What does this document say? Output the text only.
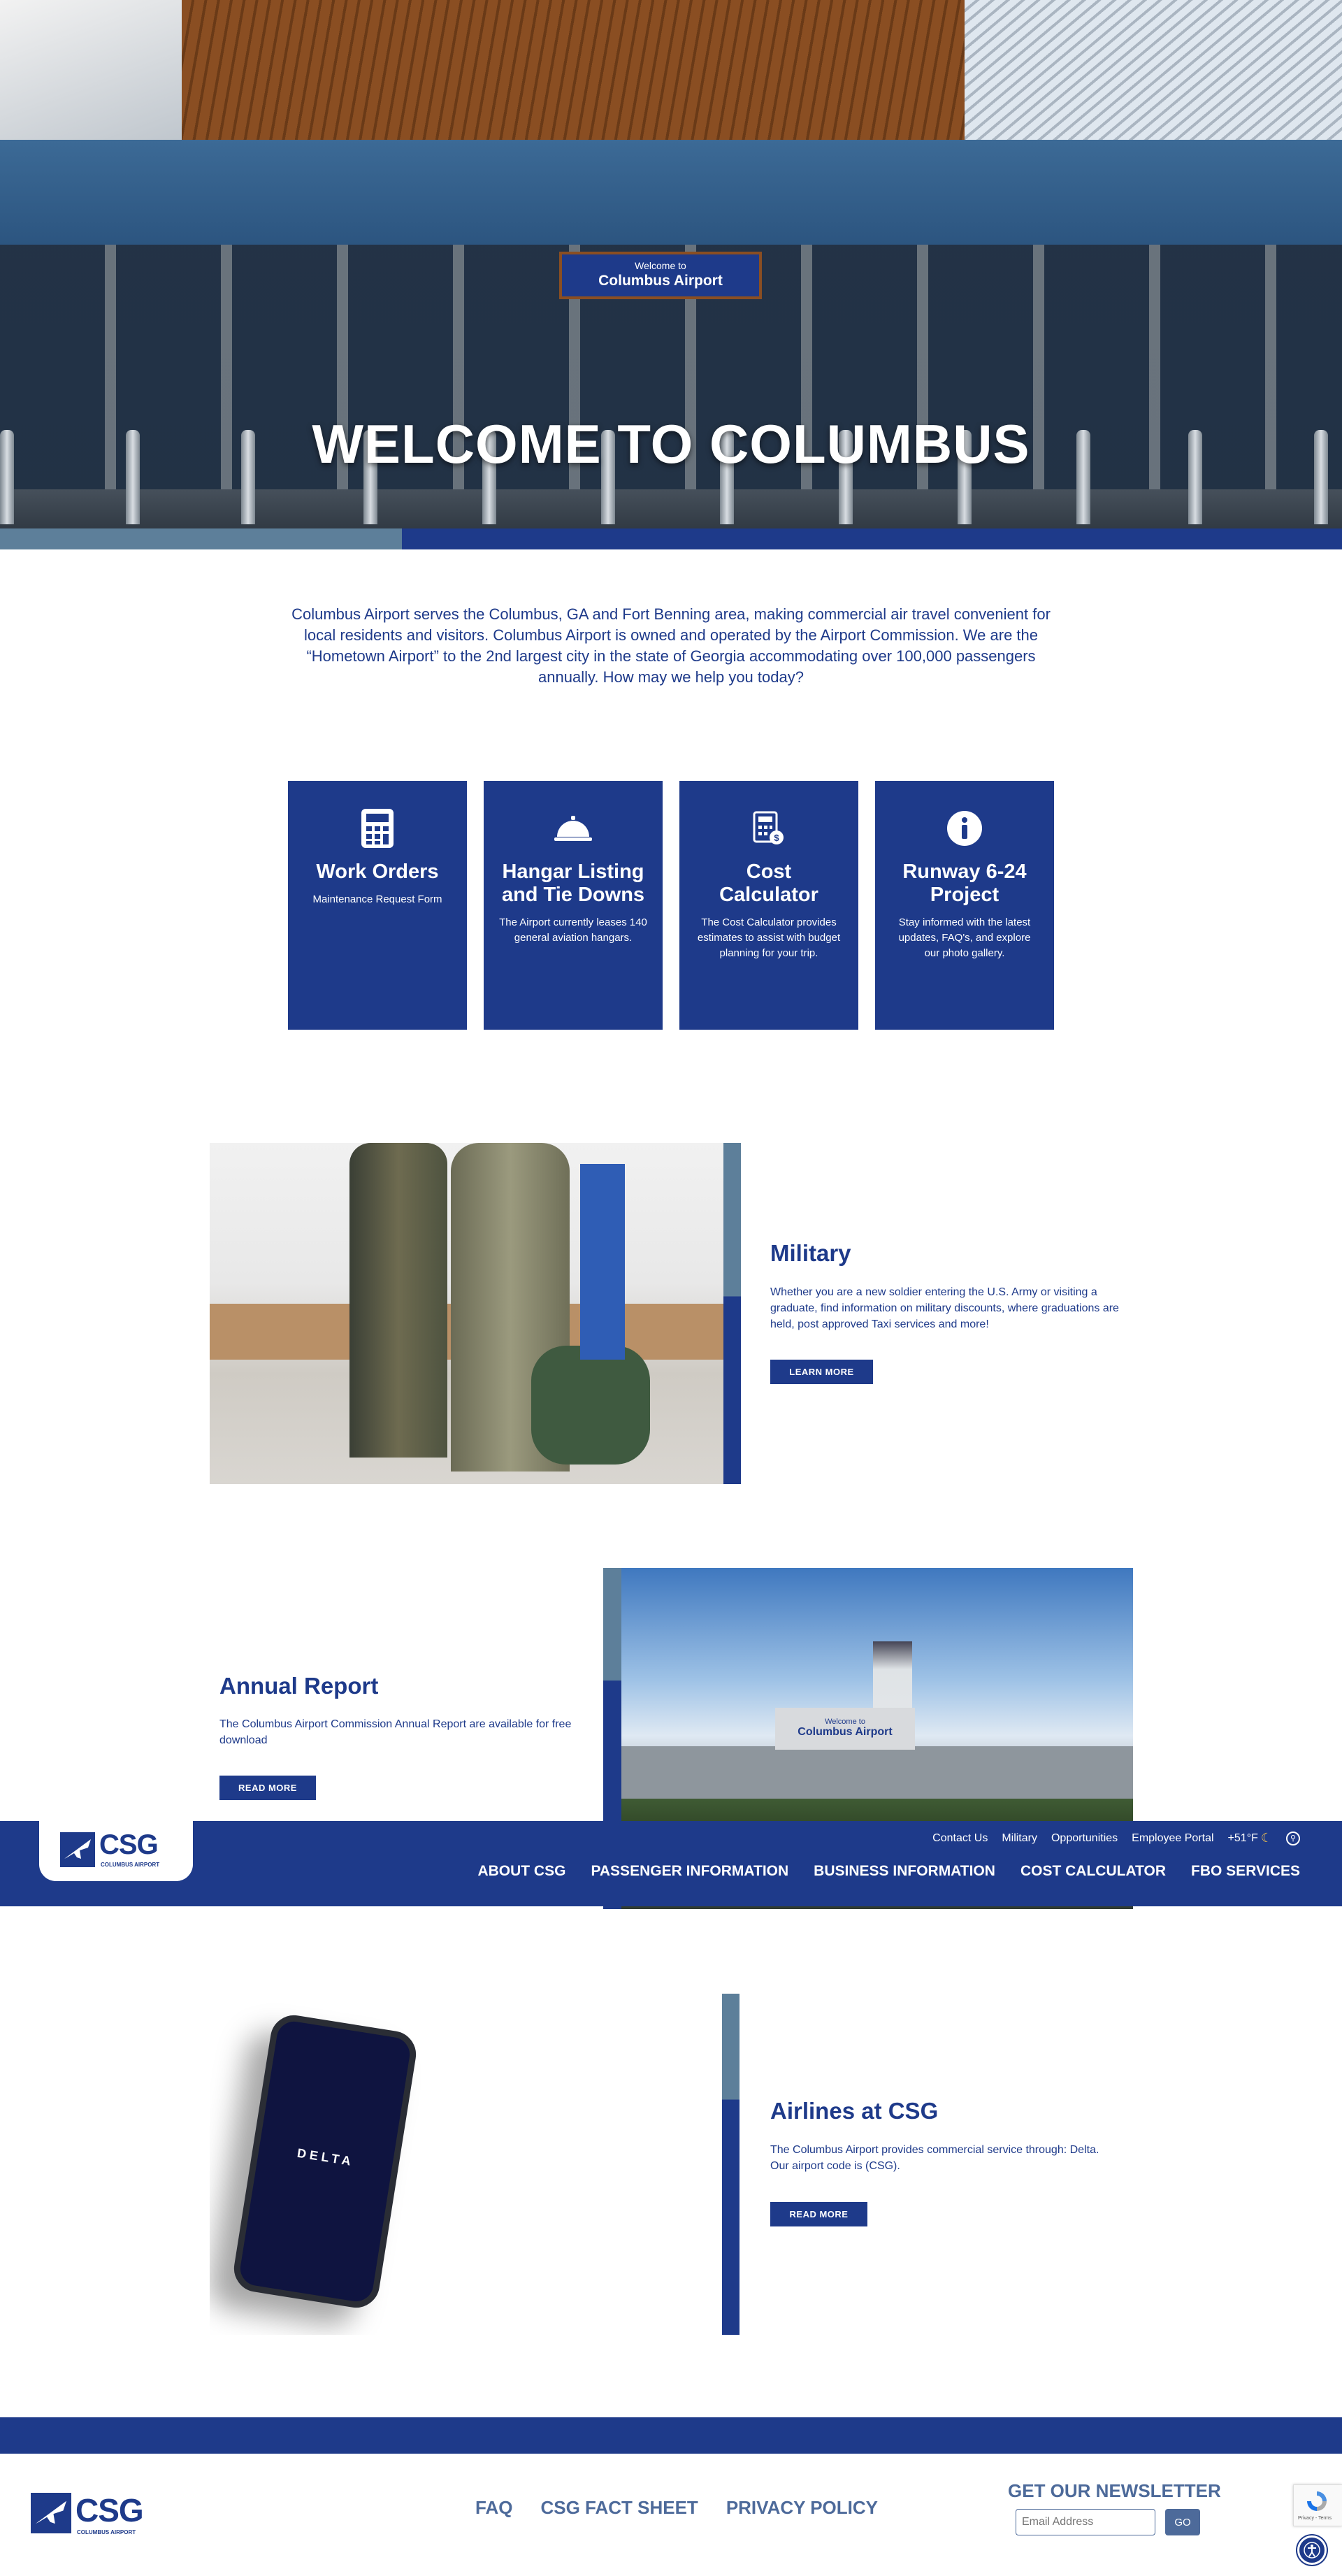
Welcome to
Columbus Airport
WELCOME TO COLUMBUS

Columbus Airport serves the Columbus, GA and Fort Benning area, making commercial air travel convenient for local residents and visitors. Columbus Airport is owned and operated by the Airport Commission. We are the “Hometown Airport” to the 2nd largest city in the state of Georgia accommodating over 100,000 passengers annually. How may we help you today?

Work Orders
Maintenance Request Form
Hangar Listing and Tie Downs
The Airport currently leases 140 general aviation hangars.
$
Cost Calculator
The Cost Calculator provides estimates to assist with budget planning for your trip.
Runway 6-24 Project
Stay informed with the latest updates, FAQ's, and explore our photo gallery.
Military
Whether you are a new soldier entering the U.S. Army or visiting a graduate, find information on military discounts, where graduations are held, post approved Taxi services and more!
LEARN MORE
Welcome to
Columbus Airport
Annual Report
The Columbus Airport Commission Annual Report are available for free download
READ MORE
CSG
COLUMBUS AIRPORT
Contact Us Military Opportunities Employee Portal +51°F ☾	⚲
ABOUT CSG PASSENGER INFORMATION BUSINESS INFORMATION COST CALCULATOR FBO SERVICES
DELTA
Airlines at CSG
The Columbus Airport provides commercial service through: Delta. Our airport code is (CSG).
READ MORE
CSG
COLUMBUS AIRPORT
FAQ CSG FACT SHEET PRIVACY POLICY
GET OUR NEWSLETTER
Email Address
GO	Privacy - Terms
